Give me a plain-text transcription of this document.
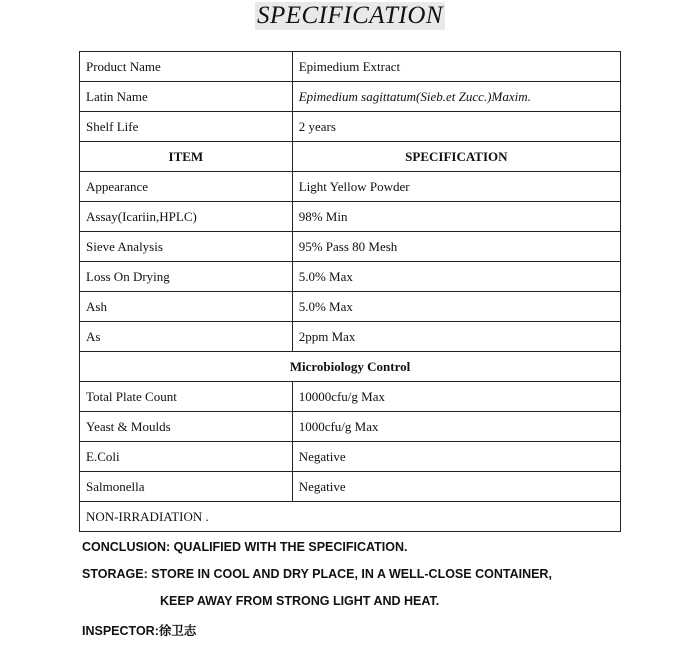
SPECIFICATION
Product Name	Epimedium Extract
Latin Name	Epimedium sagittatum(Sieb.et Zucc.)Maxim.
Shelf Life	2 years
ITEM	SPECIFICATION
Appearance	Light Yellow Powder
Assay(Icariin,HPLC)	98% Min
Sieve Analysis	95% Pass 80 Mesh
Loss On Drying	5.0% Max
Ash	5.0% Max
As	2ppm Max
Microbiology Control	
Total Plate Count	10000cfu/g Max
Yeast & Moulds	1000cfu/g Max
E.Coli	Negative
Salmonella	Negative
NON-IRRADIATION .	
CONCLUSION: QUALIFIED WITH THE SPECIFICATION.
STORAGE: STORE IN COOL AND DRY PLACE, IN A WELL-CLOSE CONTAINER,
KEEP AWAY FROM STRONG LIGHT AND HEAT.
INSPECTOR:徐卫志
